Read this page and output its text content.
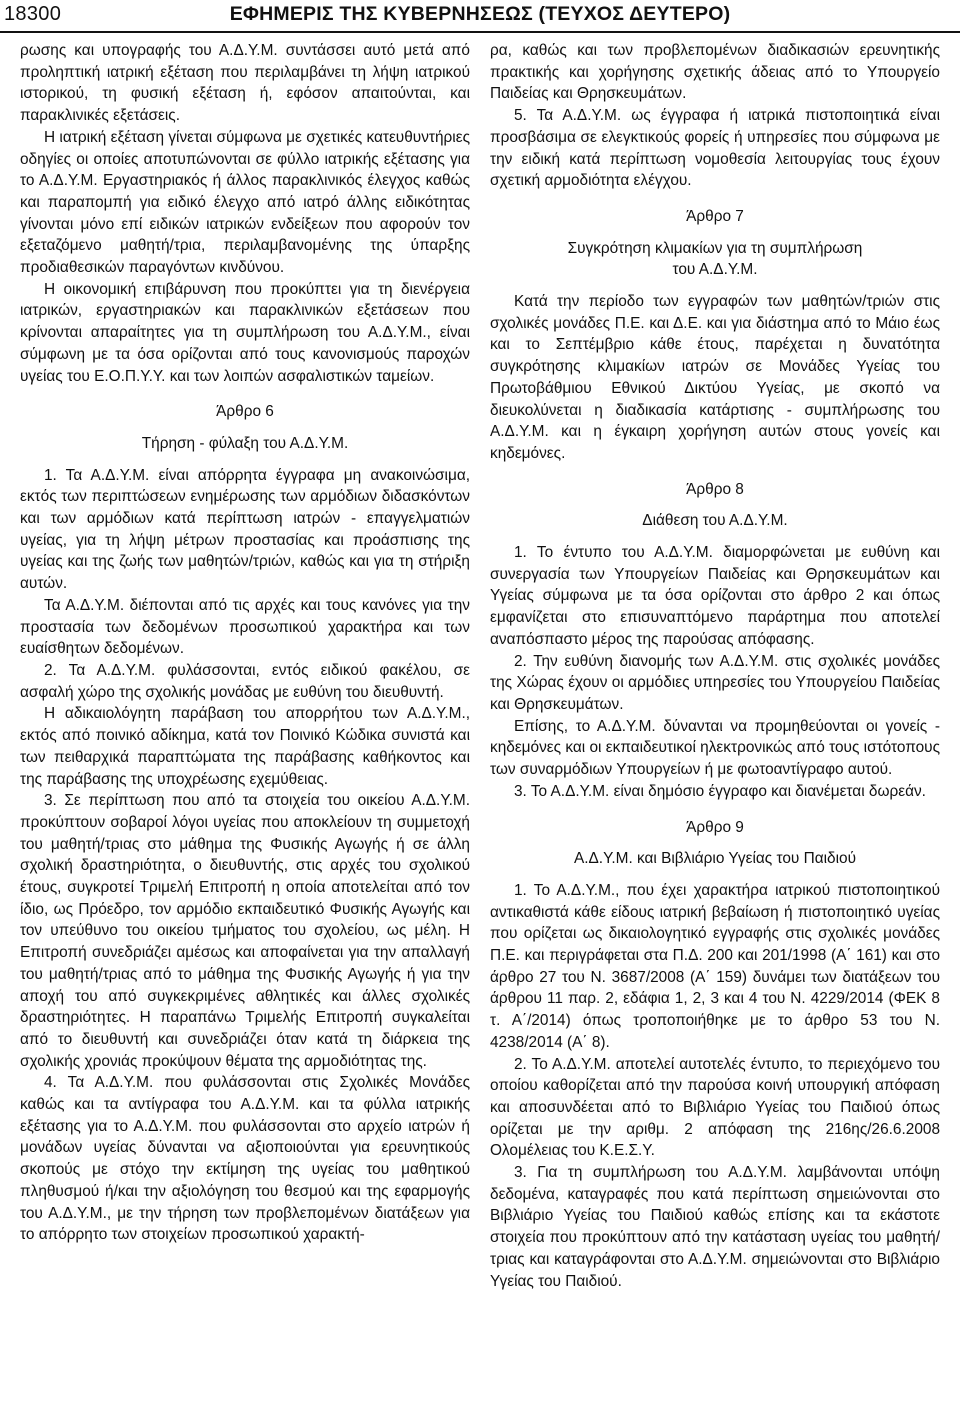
18300	ΕΦΗΜΕΡΙΣ ΤΗΣ ΚΥΒΕΡΝΗΣΕΩΣ (ΤΕΥΧΟΣ ΔΕΥΤΕΡΟ)

ρωσης και υπογραφής του Α.Δ.Υ.Μ. συντάσσει αυτό μετά από προληπτική ιατρική εξέταση που περιλαμβάνει τη λήψη ιατρικού ιστορικού, τη φυσική εξέταση ή, εφόσον απαιτούνται, και παρακλινικές εξετάσεις.

Η ιατρική εξέταση γίνεται σύμφωνα με σχετικές κατευθυντήριες οδηγίες οι οποίες αποτυπώνονται σε φύλλο ιατρικής εξέτασης για το Α.Δ.Υ.Μ. Εργαστηριακός ή άλλος παρακλινικός έλεγχος καθώς και παραπομπή για ειδικό έλεγχο από ιατρό άλλης ειδικότητας γίνονται μόνο επί ειδικών ιατρικών ενδείξεων που αφορούν τον εξεταζόμενο μαθητή/τρια, περιλαμβανομένης της ύπαρξης προδιαθεσικών παραγόντων κινδύνου.

Η οικονομική επιβάρυνση που προκύπτει για τη διενέργεια ιατρικών, εργαστηριακών και παρακλινικών εξετάσεων που κρίνονται απαραίτητες για τη συμπλήρωση του Α.Δ.Υ.Μ., είναι σύμφωνη με τα όσα ορίζονται από τους κανονισμούς παροχών υγείας του Ε.Ο.Π.Υ.Υ. και των λοιπών ασφαλιστικών ταμείων.

Άρθρο 6

Τήρηση - φύλαξη του Α.Δ.Υ.Μ.

1. Τα Α.Δ.Υ.Μ. είναι απόρρητα έγγραφα μη ανακοινώσιμα, εκτός των περιπτώσεων ενημέρωσης των αρμόδιων διδασκόντων και των αρμόδιων κατά περίπτωση ιατρών - επαγγελματιών υγείας, για τη λήψη μέτρων προστασίας και προάσπισης της υγείας και της ζωής των μαθητών/τριών, καθώς και για τη στήριξη αυτών.

Τα Α.Δ.Υ.Μ. διέπονται από τις αρχές και τους κανόνες για την προστασία των δεδομένων προσωπικού χαρακτήρα και των ευαίσθητων δεδομένων.

2. Τα Α.Δ.Υ.Μ. φυλάσσονται, εντός ειδικού φακέλου, σε ασφαλή χώρο της σχολικής μονάδας με ευθύνη του διευθυντή.

Η αδικαιολόγητη παράβαση του απορρήτου των Α.Δ.Υ.Μ., εκτός από ποινικό αδίκημα, κατά τον Ποινικό Κώδικα συνιστά και των πειθαρχικά παραπτώματα της παράβασης καθήκοντος και της παράβασης της υποχρέωσης εχεμύθειας.

3. Σε περίπτωση που από τα στοιχεία του οικείου Α.Δ.Υ.Μ. προκύπτουν σοβαροί λόγοι υγείας που αποκλείουν τη συμμετοχή του μαθητή/τριας στο μάθημα της Φυσικής Αγωγής ή σε άλλη σχολική δραστηριότητα, ο διευθυντής, στις αρχές του σχολικού έτους, συγκροτεί Τριμελή Επιτροπή η οποία αποτελείται από τον ίδιο, ως Πρόεδρο, τον αρμόδιο εκπαιδευτικό Φυσικής Αγωγής και τον υπεύθυνο του οικείου τμήματος του σχολείου, ως μέλη. Η Επιτροπή συνεδριάζει αμέσως και αποφαίνεται για την απαλλαγή του μαθητή/τριας από το μάθημα της Φυσικής Αγωγής ή για την αποχή του από συγκεκριμένες αθλητικές και άλλες σχολικές δραστηριότητες. Η παραπάνω Τριμελής Επιτροπή συγκαλείται από το διευθυντή και συνεδριάζει όταν κατά τη διάρκεια της σχολικής χρονιάς προκύψουν θέματα της αρμοδιότητας της.

4. Τα Α.Δ.Υ.Μ. που φυλάσσονται στις Σχολικές Μονάδες καθώς και τα αντίγραφα του Α.Δ.Υ.Μ. και τα φύλλα ιατρικής εξέτασης για το Α.Δ.Υ.Μ. που φυλάσσονται στο αρχείο ιατρών ή μονάδων υγείας δύνανται να αξιοποιούνται για ερευνητικούς σκοπούς με στόχο την εκτίμηση της υγείας του μαθητικού πληθυσμού ή/και την αξιολόγηση του θεσμού και της εφαρμογής του Α.Δ.Υ.Μ., με την τήρηση των προβλεπομένων διατάξεων για το απόρρητο των στοιχείων προσωπικού χαρακτή-

ρα, καθώς και των προβλεπομένων διαδικασιών ερευνητικής πρακτικής και χορήγησης σχετικής άδειας από το Υπουργείο Παιδείας και Θρησκευμάτων.

5. Τα Α.Δ.Υ.Μ. ως έγγραφα ή ιατρικά πιστοποιητικά είναι προσβάσιμα σε ελεγκτικούς φορείς ή υπηρεσίες που σύμφωνα με την ειδική κατά περίπτωση νομοθεσία λειτουργίας τους έχουν σχετική αρμοδιότητα ελέγχου.

Άρθρο 7

Συγκρότηση κλιμακίων για τη συμπλήρωση

του Α.Δ.Υ.Μ.

Κατά την περίοδο των εγγραφών των μαθητών/τριών στις σχολικές μονάδες Π.Ε. και Δ.Ε. και για διάστημα από το Μάιο έως και το Σεπτέμβριο κάθε έτους, παρέχεται η δυνατότητα συγκρότησης κλιμακίων ιατρών σε Μονάδες Υγείας του Πρωτοβάθμιου Εθνικού Δικτύου Υγείας, με σκοπό να διευκολύνεται η διαδικασία κατάρτισης - συμπλήρωσης του Α.Δ.Υ.Μ. και η έγκαιρη χορήγηση αυτών στους γονείς και κηδεμόνες.

Άρθρο 8

Διάθεση του Α.Δ.Υ.Μ.

1. Το έντυπο του Α.Δ.Υ.Μ. διαμορφώνεται με ευθύνη και συνεργασία των Υπουργείων Παιδείας και Θρησκευμάτων και Υγείας σύμφωνα με τα όσα ορίζονται στο άρθρο 2 και όπως εμφανίζεται στο επισυναπτόμενο παράρτημα που αποτελεί αναπόσπαστο μέρος της παρούσας απόφασης.

2. Την ευθύνη διανομής των Α.Δ.Υ.Μ. στις σχολικές μονάδες της Χώρας έχουν οι αρμόδιες υπηρεσίες του Υπουργείου Παιδείας και Θρησκευμάτων.

Επίσης, το Α.Δ.Υ.Μ. δύνανται να προμηθεύονται οι γονείς - κηδεμόνες και οι εκπαιδευτικοί ηλεκτρονικώς από τους ιστότοπους των συναρμόδιων Υπουργείων ή με φωτοαντίγραφο αυτού.

3. Το Α.Δ.Υ.Μ. είναι δημόσιο έγγραφο και διανέμεται δωρεάν.

Άρθρο 9

Α.Δ.Υ.Μ. και Βιβλιάριο Υγείας του Παιδιού

1. Το Α.Δ.Υ.Μ., που έχει χαρακτήρα ιατρικού πιστοποιητικού αντικαθιστά κάθε είδους ιατρική βεβαίωση ή πιστοποιητικό υγείας που ορίζεται ως δικαιολογητικό εγγραφής στις σχολικές μονάδες Π.Ε. και περιγράφεται στα Π.Δ. 200 και 201/1998 (Α΄ 161) και στο άρθρο 27 του Ν. 3687/2008 (Α΄ 159) δυνάμει των διατάξεων του άρθρου 11 παρ. 2, εδάφια 1, 2, 3 και 4 του Ν. 4229/2014 (ΦΕΚ 8 τ. Α΄/2014) όπως τροποποιήθηκε με το άρθρο 53 του Ν. 4238/2014 (Α΄ 8).

2. Το Α.Δ.Υ.Μ. αποτελεί αυτοτελές έντυπο, το περιεχόμενο του οποίου καθορίζεται από την παρούσα κοινή υπουργική απόφαση και αποσυνδέεται από το Βιβλιάριο Υγείας του Παιδιού όπως ορίζεται με την αριθμ. 2 απόφαση της 216ης/26.6.2008 Ολομέλειας του Κ.Ε.Σ.Υ.

3. Για τη συμπλήρωση του Α.Δ.Υ.Μ. λαμβάνονται υπόψη δεδομένα, καταγραφές που κατά περίπτωση σημειώνονται στο Βιβλιάριο Υγείας του Παιδιού καθώς επίσης και τα εκάστοτε στοιχεία που προκύπτουν από την κατάσταση υγείας του μαθητή/τριας και καταγράφονται στο Α.Δ.Υ.Μ. σημειώνονται στο Βιβλιάριο Υγείας του Παιδιού.
